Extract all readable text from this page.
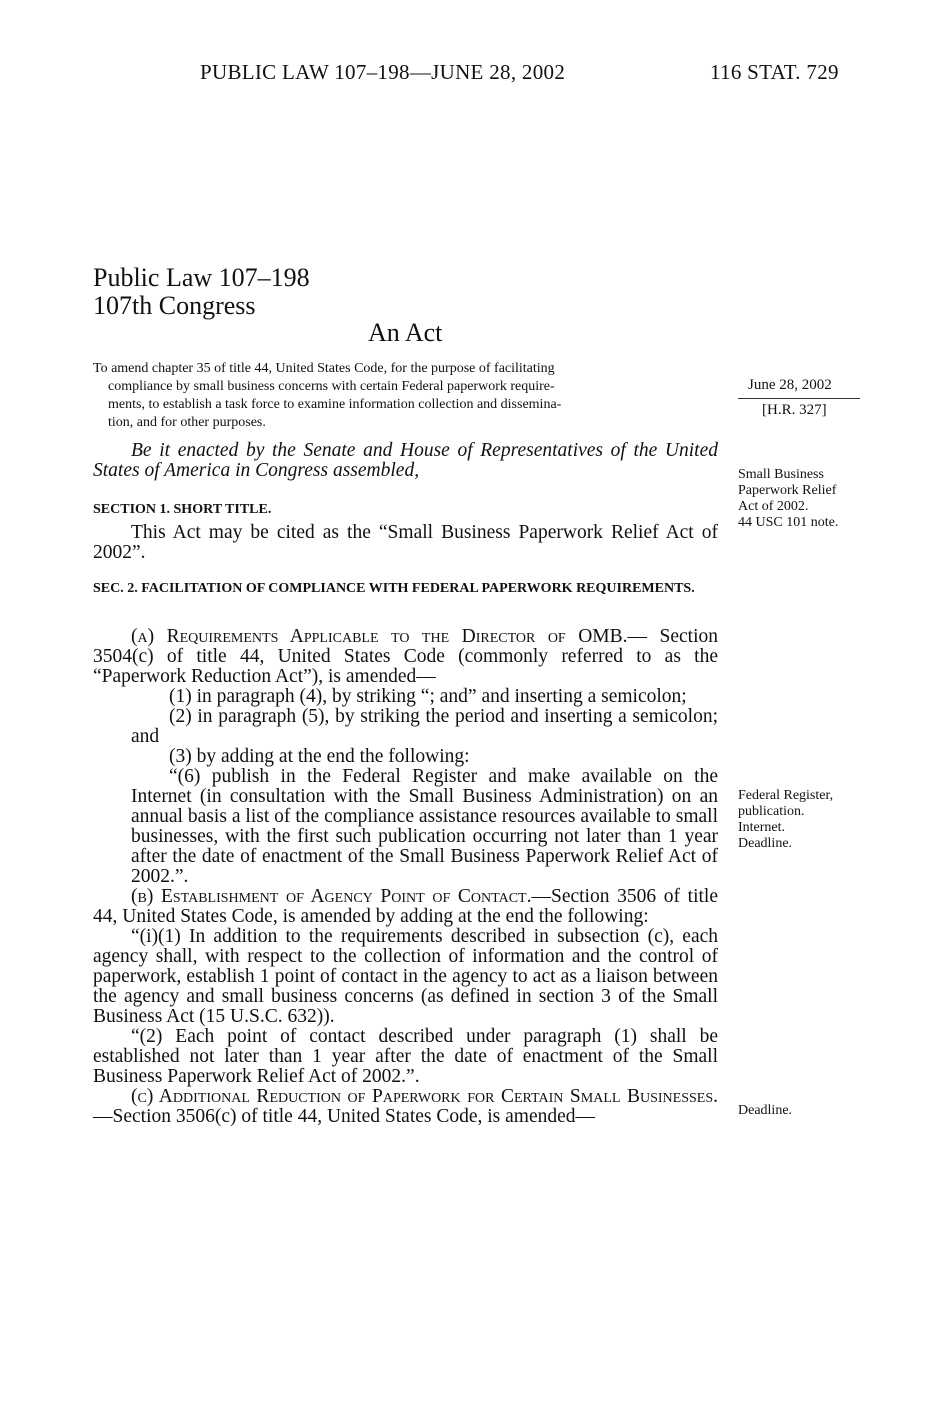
PUBLIC LAW 107–198—JUNE 28, 2002	116 STAT. 729
Public Law 107–198
107th Congress
An Act
To amend chapter 35 of title 44, United States Code, for the purpose of facilitating
compliance by small business concerns with certain Federal paperwork require-
ments, to establish a task force to examine information collection and dissemina-
tion, and for other purposes.
June 28, 2002
[H.R. 327]
Be it enacted by the Senate and House of Representatives of the United States of America in Congress assembled,
SECTION 1. SHORT TITLE.
This Act may be cited as the “Small Business Paperwork Relief Act of 2002”.
SEC. 2. FACILITATION OF COMPLIANCE WITH FEDERAL PAPERWORK REQUIREMENTS.

(a) Requirements Applicable to the Director of OMB.— Section 3504(c) of title 44, United States Code (commonly referred to as the “Paperwork Reduction Act”), is amended—

(1) in paragraph (4), by striking “; and” and inserting a semicolon;

(2) in paragraph (5), by striking the period and inserting a semicolon; and

(3) by adding at the end the following:

“(6) publish in the Federal Register and make available on the Internet (in consultation with the Small Business Administration) on an annual basis a list of the compliance assistance resources available to small businesses, with the first such publication occurring not later than 1 year after the date of enactment of the Small Business Paperwork Relief Act of 2002.”.

(b) Establishment of Agency Point of Contact.—Section 3506 of title 44, United States Code, is amended by adding at the end the following:

“(i)(1) In addition to the requirements described in subsection (c), each agency shall, with respect to the collection of information and the control of paperwork, establish 1 point of contact in the agency to act as a liaison between the agency and small business concerns (as defined in section 3 of the Small Business Act (15 U.S.C. 632)).

“(2) Each point of contact described under paragraph (1) shall be established not later than 1 year after the date of enactment of the Small Business Paperwork Relief Act of 2002.”.

(c) Additional Reduction of Paperwork for Certain Small Businesses.—Section 3506(c) of title 44, United States Code, is amended—

Small Business
Paperwork Relief
Act of 2002.
44 USC 101 note.
Federal Register,
publication.
Internet.
Deadline.
Deadline.
